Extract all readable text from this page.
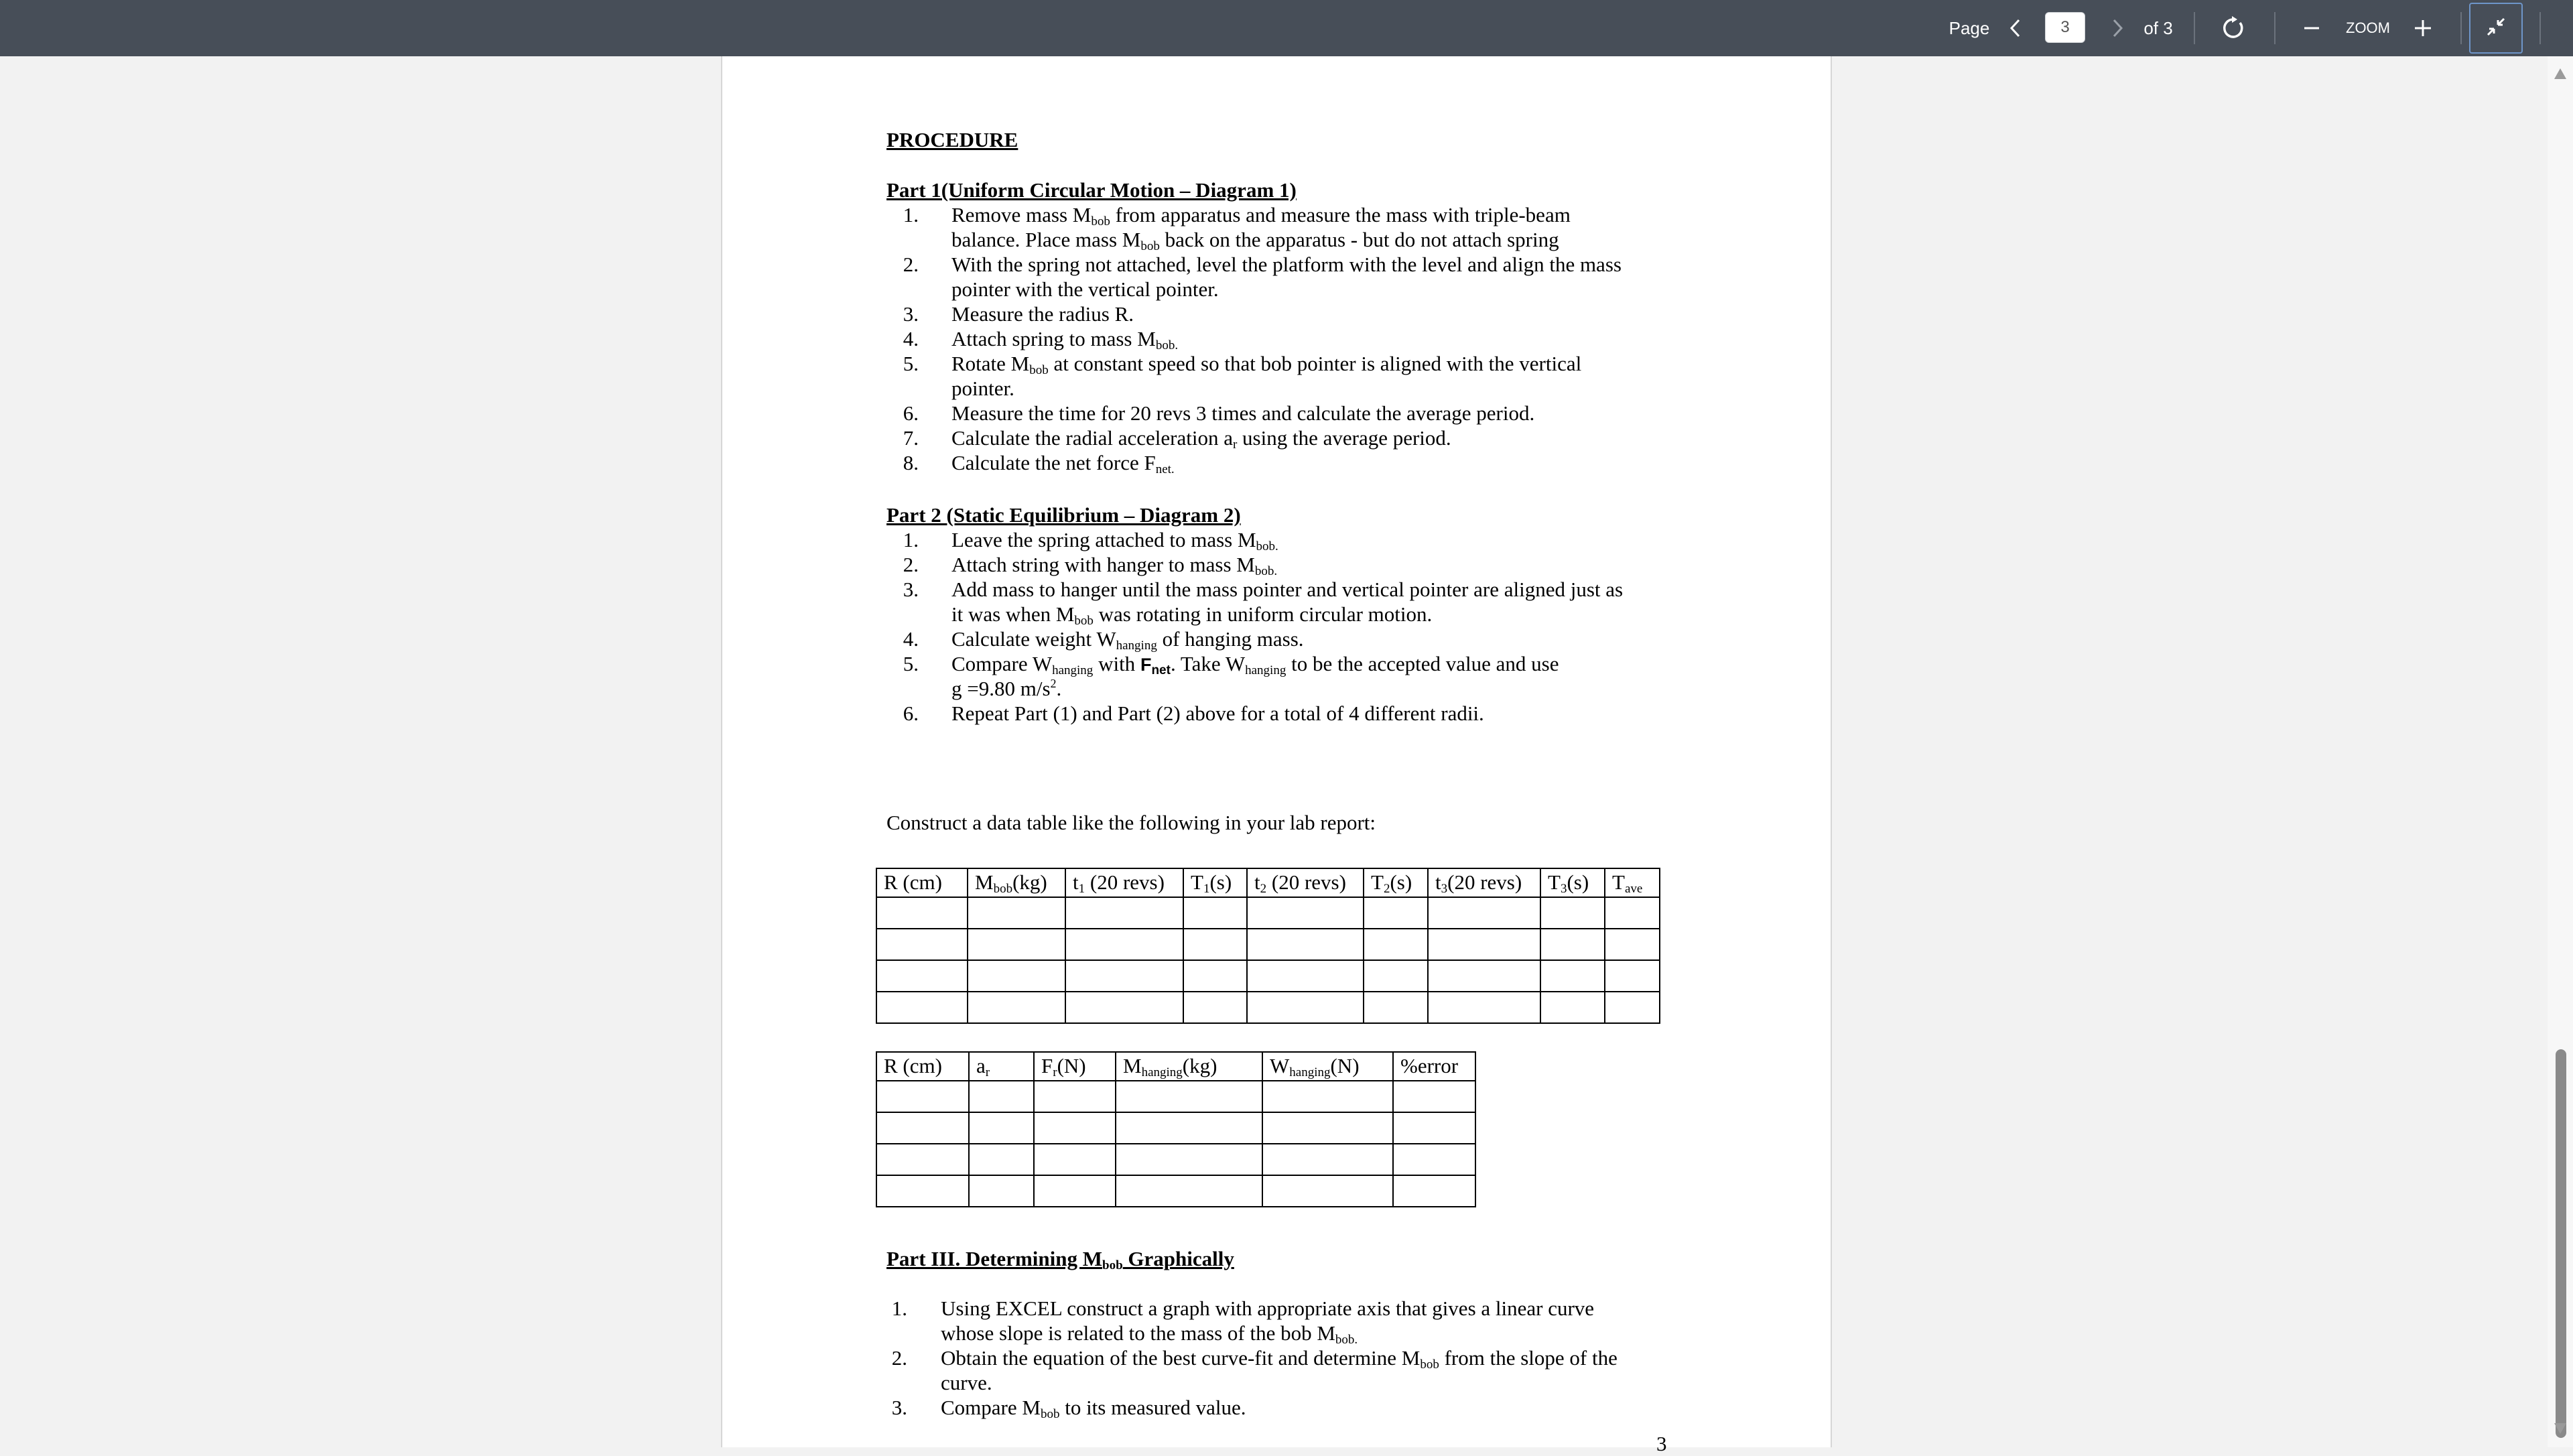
Page	3	of 3	ZOOM
PROCEDURE
Part 1(Uniform Circular Motion – Diagram 1)
1. Remove mass $M_{bob}$ from apparatus and measure the mass with triple-beam
balance. Place mass $M_{bob}$ back on the apparatus - but do not attach spring
2. With the spring not attached, level the platform with the level and align the mass
pointer with the vertical pointer.
3. Measure the radius R.
4. Attach spring to mass $M_{bob.}$
5. Rotate $M_{bob}$ at constant speed so that bob pointer is aligned with the vertical
pointer.
6. Measure the time for 20 revs 3 times and calculate the average period.
7. Calculate the radial acceleration $a_r$ using the average period.
8. Calculate the net force $F_{net.}$
Part 2 (Static Equilibrium – Diagram 2)
1. Leave the spring attached to mass $M_{bob.}$
2. Attach string with hanger to mass $M_{bob.}$
3. Add mass to hanger until the mass pointer and vertical pointer are aligned just as
it was when $M_{bob}$ was rotating in uniform circular motion.
4. Calculate weight $W_{hanging}$ of hanging mass.
5. Compare $W_{hanging}$ with $F_{net}$. Take $W_{hanging}$ to be the accepted value and use
g =9.80 $m/s^2$.
6. Repeat Part (1) and Part (2) above for a total of 4 different radii.
Construct a data table like the following in your lab report:
R (cm)	$M_{bob}(kg)$	$t_1$ (20 revs)	$T_1(s)$	$t_2$ (20 revs)	$T_2(s)$	$t_3(20$ revs)	$T_3(s)$	$T_{ave}$

R (cm)	$a_r$	$F_r(N)$	$M_{hanging}(kg)$	$W_{hanging}(N)$	%error

Part III. Determining $M_{bob}$ Graphically
1. Using EXCEL construct a graph with appropriate axis that gives a linear curve
whose slope is related to the mass of the bob $M_{bob.}$
2. Obtain the equation of the best curve-fit and determine $M_{bob}$ from the slope of the
curve.
3. Compare $M_{bob}$ to its measured value.
3
